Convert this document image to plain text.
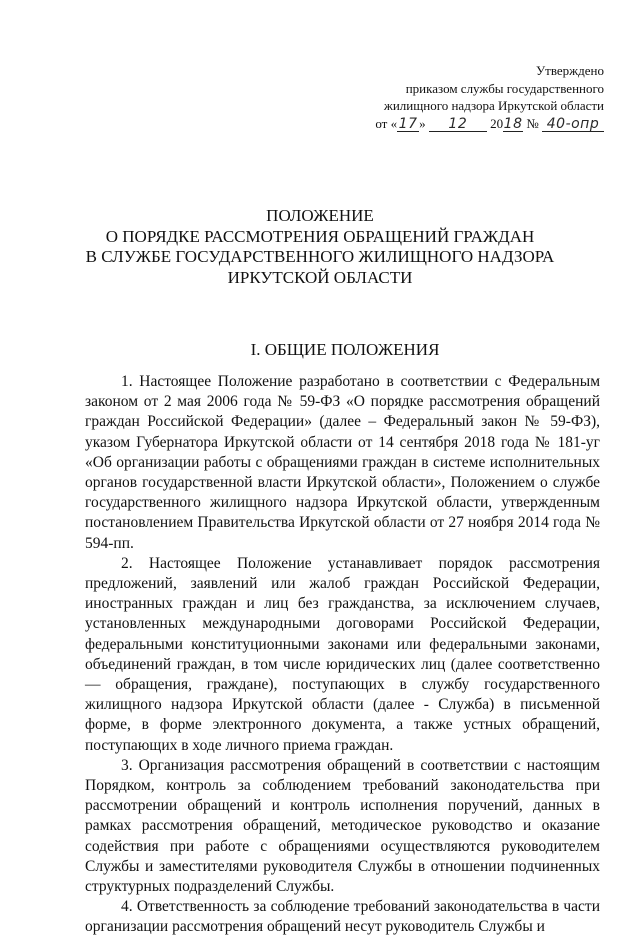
Утверждено
приказом службы государственного
жилищного надзора Иркутской области
от « 17 » 12 2018 № 40-опр
ПОЛОЖЕНИЕ
О ПОРЯДКЕ РАССМОТРЕНИЯ ОБРАЩЕНИЙ ГРАЖДАН
В СЛУЖБЕ ГОСУДАРСТВЕННОГО ЖИЛИЩНОГО НАДЗОРА
ИРКУТСКОЙ ОБЛАСТИ
I. ОБЩИЕ ПОЛОЖЕНИЯ

1. Настоящее Положение разработано в соответствии с Федеральным законом от 2 мая 2006 года № 59-ФЗ «О порядке рассмотрения обращений граждан Российской Федерации» (далее – Федеральный закон № 59-ФЗ), указом Губернатора Иркутской области от 14 сентября 2018 года № 181-уг «Об организации работы с обращениями граждан в системе исполнительных органов государственной власти Иркутской области», Положением о службе государственного жилищного надзора Иркутской области, утвержденным постановлением Правительства Иркутской области от 27 ноября 2014 года № 594-пп.

2. Настоящее Положение устанавливает порядок рассмотрения предложений, заявлений или жалоб граждан Российской Федерации, иностранных граждан и лиц без гражданства, за исключением случаев, установленных международными договорами Российской Федерации, федеральными конституционными законами или федеральными законами, объединений граждан, в том числе юридических лиц (далее соответственно — обращения, граждане), поступающих в службу государственного жилищного надзора Иркутской области (далее - Служба) в письменной форме, в форме электронного документа, а также устных обращений, поступающих в ходе личного приема граждан.

3. Организация рассмотрения обращений в соответствии с настоящим Порядком, контроль за соблюдением требований законодательства при рассмотрении обращений и контроль исполнения поручений, данных в рамках рассмотрения обращений, методическое руководство и оказание содействия при работе с обращениями осуществляются руководителем Службы и заместителями руководителя Службы в отношении подчиненных структурных подразделений Службы.

4. Ответственность за соблюдение требований законодательства в части организации рассмотрения обращений несут руководитель Службы и
